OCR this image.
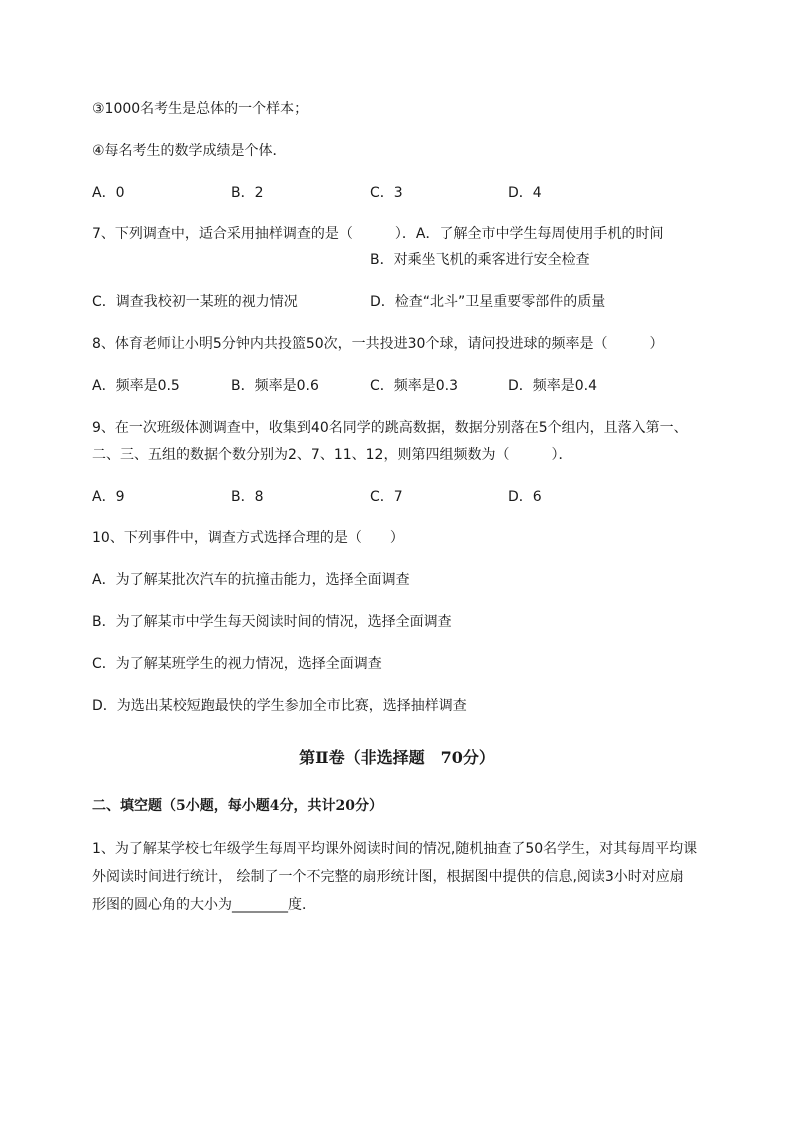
③1000名考生是总体的一个样本；
④每名考生的数学成绩是个体．
A．0	B．2	C．3	D．4
7、下列调查中，适合采用抽样调查的是（　　　）．A．了解全市中学生每周使用手机的时间
B．对乘坐飞机的乘客进行安全检查
C．调查我校初一某班的视力情况	D．检查“北斗”卫星重要零部件的质量
8、体育老师让小明5分钟内共投篮50次，一共投进30个球，请问投进球的频率是（　　　）
A．频率是0.5	B．频率是0.6	C．频率是0.3	D．频率是0.4
9、在一次班级体测调查中，收集到40名同学的跳高数据，数据分别落在5个组内，且落入第一、
二、三、五组的数据个数分别为2、7、11、12，则第四组频数为（　　　）．
A．9	B．8	C．7	D．6
10、下列事件中，调查方式选择合理的是（　　）
A．为了解某批次汽车的抗撞击能力，选择全面调查
B．为了解某市中学生每天阅读时间的情况，选择全面调查
C．为了解某班学生的视力情况，选择全面调查
D．为选出某校短跑最快的学生参加全市比赛，选择抽样调查
第Ⅱ卷（非选择题　70分）
二、填空题（5小题，每小题4分，共计20分）
1、为了解某学校七年级学生每周平均课外阅读时间的情况,随机抽查了50名学生，对其每周平均课
外阅读时间进行统计， 绘制了一个不完整的扇形统计图，根据图中提供的信息,阅读3小时对应扇
形图的圆心角的大小为________度．
